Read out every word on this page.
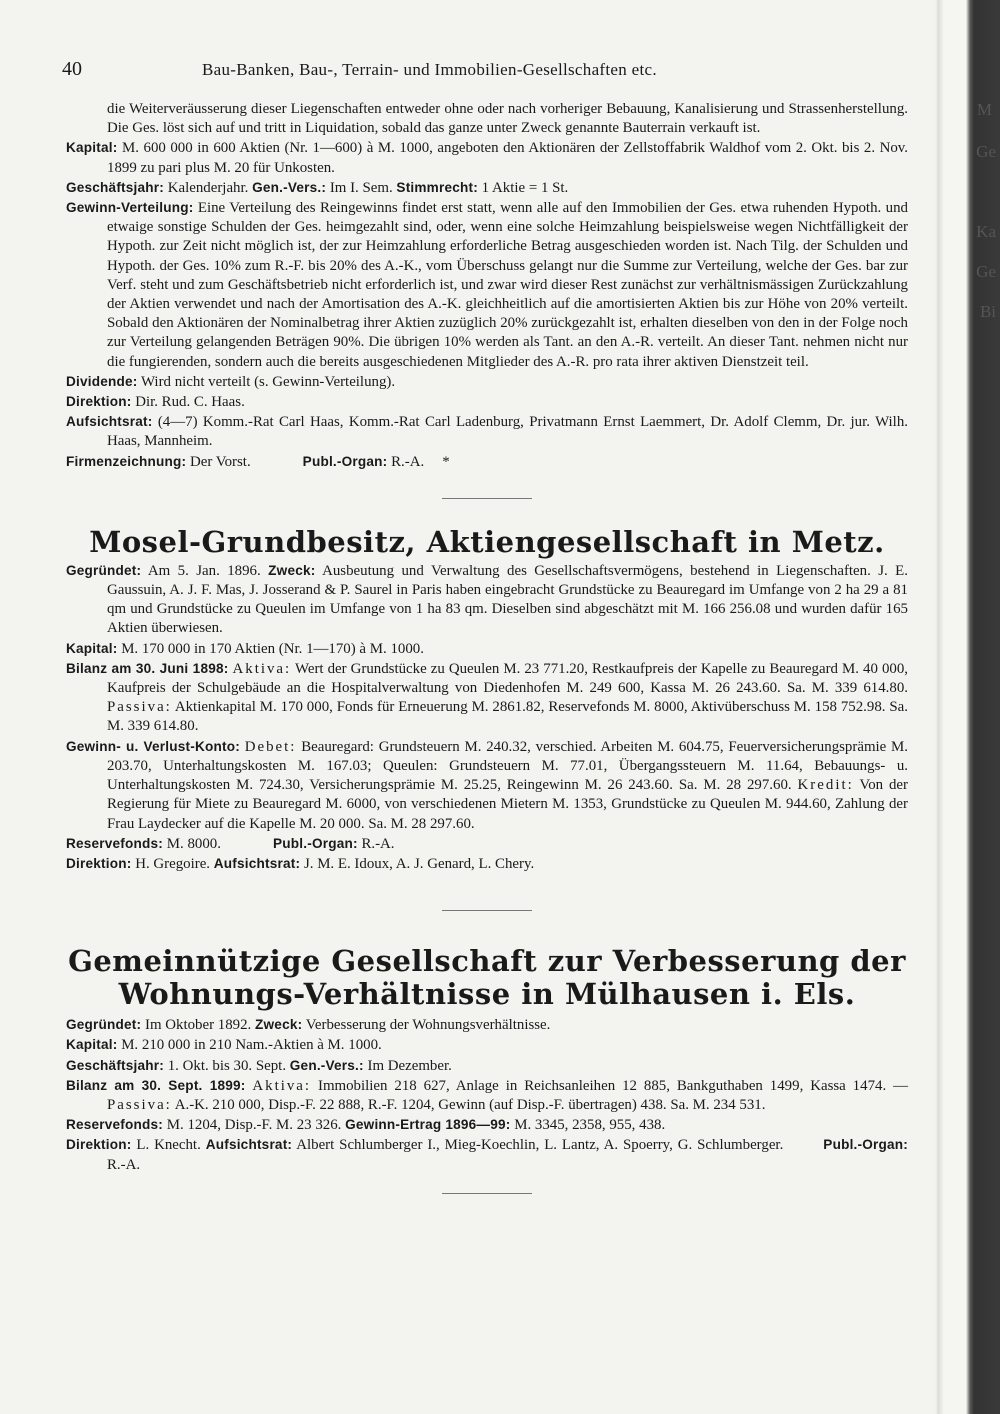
M
Ge
Ka
Ge
Bi
40	Bau-Banken, Bau-, Terrain- und Immobilien-Gesellschaften etc.

die Weiterveräusserung dieser Liegenschaften entweder ohne oder nach vorheriger Bebauung, Kanalisierung und Strassenherstellung. Die Ges. löst sich auf und tritt in Liquidation, sobald das ganze unter Zweck genannte Bauterrain verkauft ist.

Kapital: M. 600 000 in 600 Aktien (Nr. 1—600) à M. 1000, angeboten den Aktionären der Zellstoffabrik Waldhof vom 2. Okt. bis 2. Nov. 1899 zu pari plus M. 20 für Unkosten.

Geschäftsjahr: Kalenderjahr. Gen.-Vers.: Im I. Sem. Stimmrecht: 1 Aktie = 1 St.

Gewinn-Verteilung: Eine Verteilung des Reingewinns findet erst statt, wenn alle auf den Immobilien der Ges. etwa ruhenden Hypoth. und etwaige sonstige Schulden der Ges. heimgezahlt sind, oder, wenn eine solche Heimzahlung beispielsweise wegen Nichtfälligkeit der Hypoth. zur Zeit nicht möglich ist, der zur Heimzahlung erforderliche Betrag ausgeschieden worden ist. Nach Tilg. der Schulden und Hypoth. der Ges. 10% zum R.-F. bis 20% des A.-K., vom Überschuss gelangt nur die Summe zur Verteilung, welche der Ges. bar zur Verf. steht und zum Geschäftsbetrieb nicht erforderlich ist, und zwar wird dieser Rest zunächst zur verhältnismässigen Zurückzahlung der Aktien verwendet und nach der Amortisation des A.-K. gleichheitlich auf die amortisierten Aktien bis zur Höhe von 20% verteilt. Sobald den Aktionären der Nominalbetrag ihrer Aktien zuzüglich 20% zurückgezahlt ist, erhalten dieselben von den in der Folge noch zur Verteilung gelangenden Beträgen 90%. Die übrigen 10% werden als Tant. an den A.-R. verteilt. An dieser Tant. nehmen nicht nur die fungierenden, sondern auch die bereits ausgeschiedenen Mitglieder des A.-R. pro rata ihrer aktiven Dienstzeit teil.

Dividende: Wird nicht verteilt (s. Gewinn-Verteilung).

Direktion: Dir. Rud. C. Haas.

Aufsichtsrat: (4—7) Komm.-Rat Carl Haas, Komm.-Rat Carl Ladenburg, Privatmann Ernst Laemmert, Dr. Adolf Clemm, Dr. jur. Wilh. Haas, Mannheim.

Firmenzeichnung: Der Vorst.	Publ.-Organ: R.-A. *

Mosel-Grundbesitz, Aktiengesellschaft in Metz.

Gegründet: Am 5. Jan. 1896. Zweck: Ausbeutung und Verwaltung des Gesellschaftsvermögens, bestehend in Liegenschaften. J. E. Gaussuin, A. J. F. Mas, J. Josserand & P. Saurel in Paris haben eingebracht Grundstücke zu Beauregard im Umfange von 2 ha 29 a 81 qm und Grundstücke zu Queulen im Umfange von 1 ha 83 qm. Dieselben sind abgeschätzt mit M. 166 256.08 und wurden dafür 165 Aktien überwiesen.

Kapital: M. 170 000 in 170 Aktien (Nr. 1—170) à M. 1000.

Bilanz am 30. Juni 1898: Aktiva: Wert der Grundstücke zu Queulen M. 23 771.20, Restkaufpreis der Kapelle zu Beauregard M. 40 000, Kaufpreis der Schulgebäude an die Hospitalverwaltung von Diedenhofen M. 249 600, Kassa M. 26 243.60. Sa. M. 339 614.80. Passiva: Aktienkapital M. 170 000, Fonds für Erneuerung M. 2861.82, Reservefonds M. 8000, Aktivüberschuss M. 158 752.98. Sa. M. 339 614.80.

Gewinn- u. Verlust-Konto: Debet: Beauregard: Grundsteuern M. 240.32, verschied. Arbeiten M. 604.75, Feuerversicherungsprämie M. 203.70, Unterhaltungskosten M. 167.03; Queulen: Grundsteuern M. 77.01, Übergangssteuern M. 11.64, Bebauungs- u. Unterhaltungskosten M. 724.30, Versicherungsprämie M. 25.25, Reingewinn M. 26 243.60. Sa. M. 28 297.60. Kredit: Von der Regierung für Miete zu Beauregard M. 6000, von verschiedenen Mietern M. 1353, Grundstücke zu Queulen M. 944.60, Zahlung der Frau Laydecker auf die Kapelle M. 20 000. Sa. M. 28 297.60.

Reservefonds: M. 8000.	Publ.-Organ: R.-A.

Direktion: H. Gregoire. Aufsichtsrat: J. M. E. Idoux, A. J. Genard, L. Chery.

Gemeinnützige Gesellschaft zur Verbesserung der
Wohnungs-Verhältnisse in Mülhausen i. Els.

Gegründet: Im Oktober 1892. Zweck: Verbesserung der Wohnungsverhältnisse.

Kapital: M. 210 000 in 210 Nam.-Aktien à M. 1000.

Geschäftsjahr: 1. Okt. bis 30. Sept. Gen.-Vers.: Im Dezember.

Bilanz am 30. Sept. 1899: Aktiva: Immobilien 218 627, Anlage in Reichsanleihen 12 885, Bankguthaben 1499, Kassa 1474. — Passiva: A.-K. 210 000, Disp.-F. 22 888, R.-F. 1204, Gewinn (auf Disp.-F. übertragen) 438. Sa. M. 234 531.

Reservefonds: M. 1204, Disp.-F. M. 23 326. Gewinn-Ertrag 1896—99: M. 3345, 2358, 955, 438.

Direktion: L. Knecht. Aufsichtsrat: Albert Schlumberger I., Mieg-Koechlin, L. Lantz, A. Spoerry, G. Schlumberger.	Publ.-Organ: R.-A.
